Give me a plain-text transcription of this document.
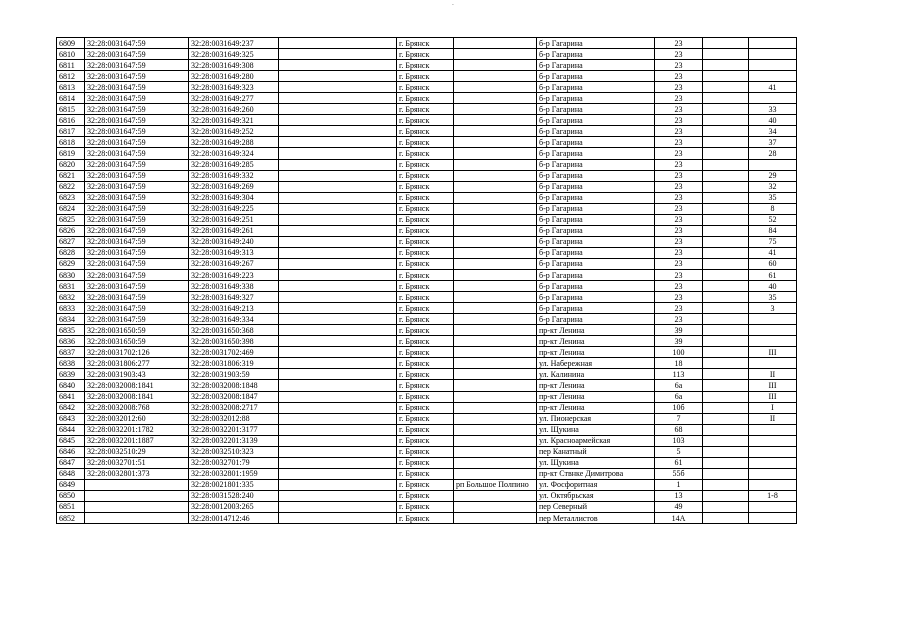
·
6809	32:28:0031647:59	32:28:0031649:237		г. Брянск		б-р Гагарина	23		
6810	32:28:0031647:59	32:28:0031649:325		г. Брянск		б-р Гагарина	23		
6811	32:28:0031647:59	32:28:0031649:308		г. Брянск		б-р Гагарина	23		
6812	32:28:0031647:59	32:28:0031649:280		г. Брянск		б-р Гагарина	23		
6813	32:28:0031647:59	32:28:0031649:323		г. Брянск		б-р Гагарина	23		41
6814	32:28:0031647:59	32:28:0031649:277		г. Брянск		б-р Гагарина	23		
6815	32:28:0031647:59	32:28:0031649:260		г. Брянск		б-р Гагарина	23		33
6816	32:28:0031647:59	32:28:0031649:321		г. Брянск		б-р Гагарина	23		40
6817	32:28:0031647:59	32:28:0031649:252		г. Брянск		б-р Гагарина	23		34
6818	32:28:0031647:59	32:28:0031649:288		г. Брянск		б-р Гагарина	23		37
6819	32:28:0031647:59	32:28:0031649:324		г. Брянск		б-р Гагарина	23		28
6820	32:28:0031647:59	32:28:0031649:285		г. Брянск		б-р Гагарина	23		
6821	32:28:0031647:59	32:28:0031649:332		г. Брянск		б-р Гагарина	23		29
6822	32:28:0031647:59	32:28:0031649:269		г. Брянск		б-р Гагарина	23		32
6823	32:28:0031647:59	32:28:0031649:304		г. Брянск		б-р Гагарина	23		35
6824	32:28:0031647:59	32:28:0031649:225		г. Брянск		б-р Гагарина	23		8
6825	32:28:0031647:59	32:28:0031649:251		г. Брянск		б-р Гагарина	23		52
6826	32:28:0031647:59	32:28:0031649:261		г. Брянск		б-р Гагарина	23		84
6827	32:28:0031647:59	32:28:0031649:240		г. Брянск		б-р Гагарина	23		75
6828	32:28:0031647:59	32:28:0031649:313		г. Брянск		б-р Гагарина	23		41
6829	32:28:0031647:59	32:28:0031649:267		г. Брянск		б-р Гагарина	23		60
6830	32:28:0031647:59	32:28:0031649:223		г. Брянск		б-р Гагарина	23		61
6831	32:28:0031647:59	32:28:0031649:338		г. Брянск		б-р Гагарина	23		40
6832	32:28:0031647:59	32:28:0031649:327		г. Брянск		б-р Гагарина	23		35
6833	32:28:0031647:59	32:28:0031649:213		г. Брянск		б-р Гагарина	23		3
6834	32:28:0031647:59	32:28:0031649:334		г. Брянск		б-р Гагарина	23		
6835	32:28:0031650:59	32:28:0031650:368		г. Брянск		пр-кт Ленина	39		
6836	32:28:0031650:59	32:28:0031650:398		г. Брянск		пр-кт Ленина	39		
6837	32:28:0031702:126	32:28:0031702:469		г. Брянск		пр-кт Ленина	100		III
6838	32:28:0031806:277	32:28:0031806:319		г. Брянск		ул. Набережная	18		
6839	32:28:0031903:43	32:28:0031903:59		г. Брянск		ул. Калинина	113		II
6840	32:28:0032008:1841	32:28:0032008:1848		г. Брянск		пр-кт Ленина	6а		III
6841	32:28:0032008:1841	32:28:0032008:1847		г. Брянск		пр-кт Ленина	6а		III
6842	32:28:0032008:768	32:28:0032008:2717		г. Брянск		пр-кт Ленина	10б		I
6843	32:28:0032012:60	32:28:0032012:88		г. Брянск		ул. Пионерская	7		II
6844	32:28:0032201:1782	32:28:0032201:3177		г. Брянск		ул. Щукина	68		
6845	32:28:0032201:1887	32:28:0032201:3139		г. Брянск		ул. Красноармейская	103		
6846	32:28:0032510:29	32:28:0032510:323		г. Брянск		пер Канатный	5		
6847	32:28:0032701:51	32:28:0032701:79		г. Брянск		ул. Щукина	61		
6848	32:28:0032801:373	32:28:0032801:1959		г. Брянск		пр-кт Ствнке Димитрова	55б		
6849		32:28:0021801:335		г. Брянск	рп Большое Полпино	ул. Фосфоритная	1		
6850		32:28:0031528:240		г. Брянск		ул. Октябрьская	13		1-8
6851		32:28:0012003:265		г. Брянск		пер Северный	49		
6852		32:28:0014712:46		г. Брянск		пер Металлистов	14А		
